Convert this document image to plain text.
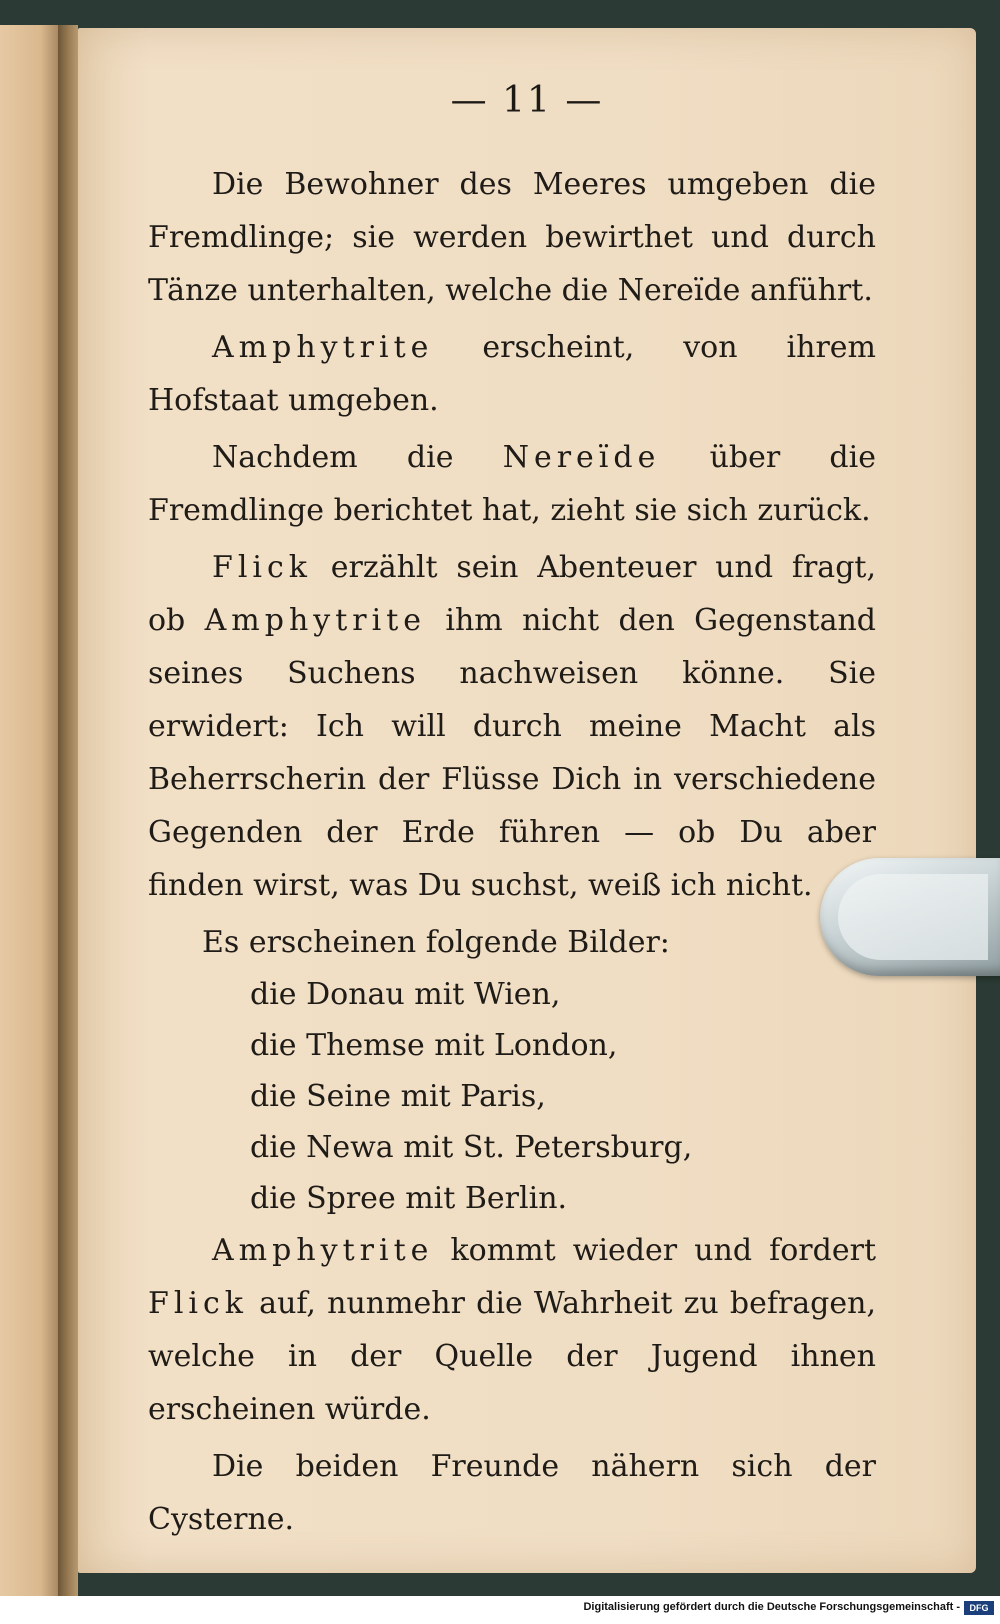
— 11 —

Die Bewohner des Meeres umgeben die Fremdlinge; sie werden bewirthet und durch Tänze unterhalten, welche die Nereïde anführt.

Amphytrite erscheint, von ihrem Hofstaat umgeben.

Nachdem die Nereïde über die Fremdlinge berichtet hat, zieht sie sich zurück.

Flick erzählt sein Abenteuer und fragt, ob Amphytrite ihm nicht den Gegenstand seines Suchens nachweisen könne. Sie erwidert: Ich will durch meine Macht als Beherrscherin der Flüsse Dich in verschiedene Gegenden der Erde führen — ob Du aber finden wirst, was Du suchst, weiß ich nicht.

Es erscheinen folgende Bilder:

die Donau mit Wien,
die Themse mit London,
die Seine mit Paris,
die Newa mit St. Petersburg,
die Spree mit Berlin.

Amphytrite kommt wieder und fordert Flick auf, nunmehr die Wahrheit zu befragen, welche in der Quelle der Jugend ihnen erscheinen würde.

Die beiden Freunde nähern sich der Cysterne.

Digitalisierung gefördert durch die Deutsche Forschungsgemeinschaft -	DFG
